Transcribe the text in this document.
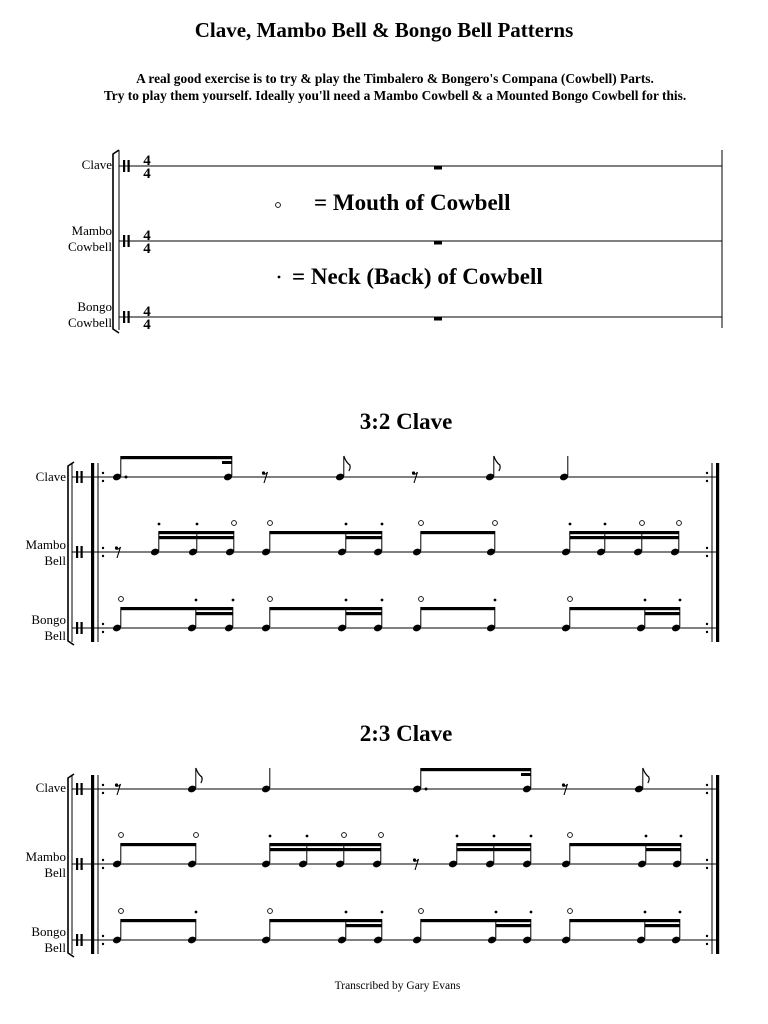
Clave, Mambo Bell & Bongo Bell Patterns
A real good exercise is to try & play the Timbalero & Bongero's Compana (Cowbell) Parts.
Try to play them yourself. Ideally you'll need a Mambo Cowbell & a Mounted Bongo Cowbell for this.
Clave
Mambo
Cowbell
Bongo
Cowbell
= Mouth of Cowbell
= Neck (Back) of Cowbell
3:2 Clave
2:3 Clave
Clave
Mambo
Bell
Bongo
Bell
Clave
Mambo
Bell
Bongo
Bell
Transcribed by Gary Evans
4
4
4
4
4
4
